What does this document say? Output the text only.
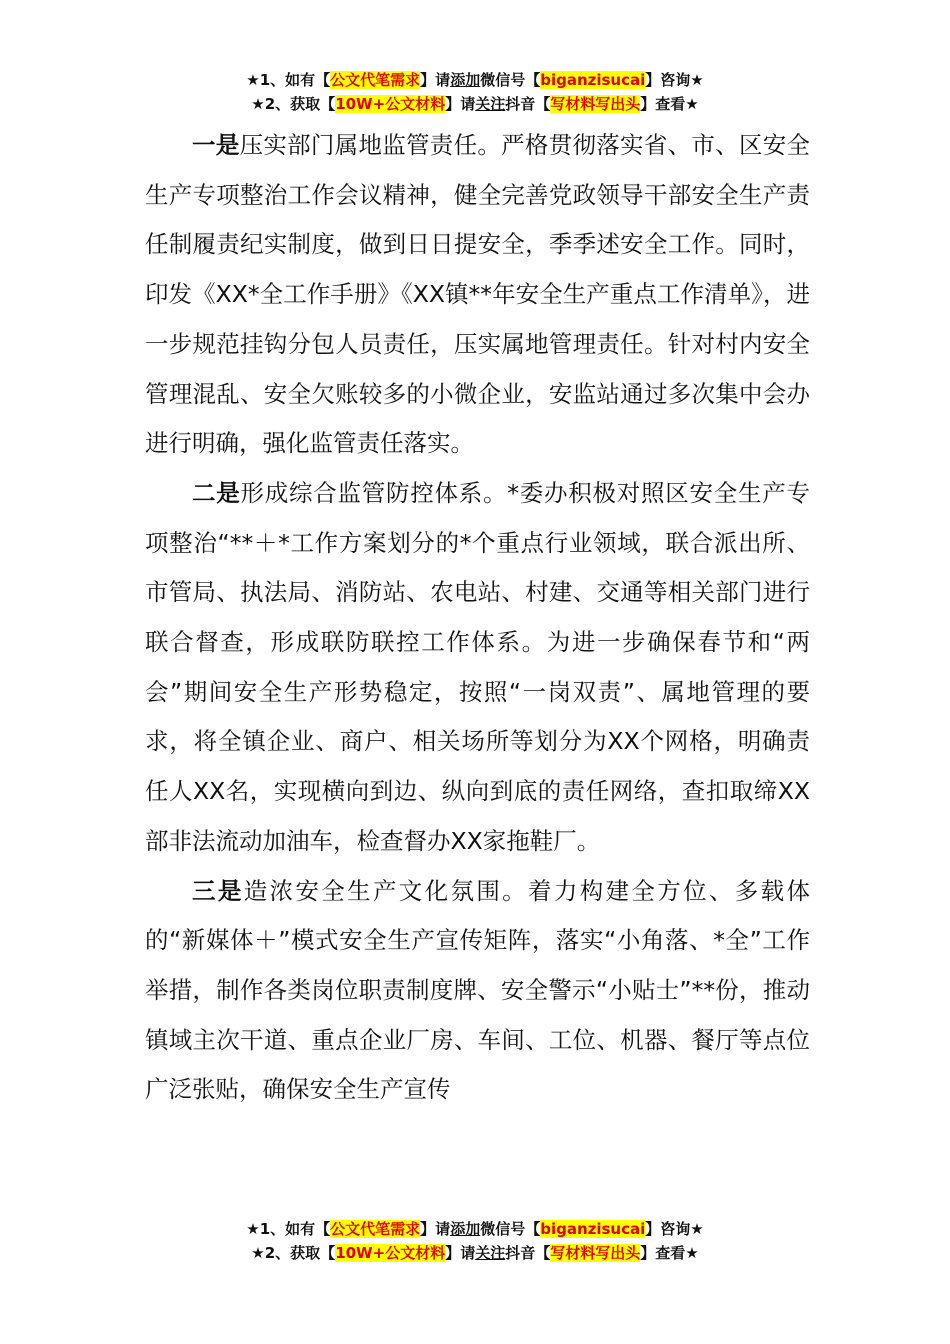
★1、如有【公文代笔需求】请添加微信号【biganzisucai】咨询★
★2、获取【10W+公文材料】请关注抖音【写材料写出头】查看★

一是压实部门属地监管责任。严格贯彻落实省、市、区安全生产专项整治工作会议精神，健全完善党政领导干部安全生产责任制履责纪实制度，做到日日提安全，季季述安全工作。同时，印发《XX*全工作手册》《XX镇**年安全生产重点工作清单》，进一步规范挂钩分包人员责任，压实属地管理责任。针对村内安全管理混乱、安全欠账较多的小微企业，安监站通过多次集中会办进行明确，强化监管责任落实。

二是形成综合监管防控体系。*委办积极对照区安全生产专项整治“**＋*工作方案划分的*个重点行业领域，联合派出所、市管局、执法局、消防站、农电站、村建、交通等相关部门进行联合督查，形成联防联控工作体系。为进一步确保春节和“两会”期间安全生产形势稳定，按照“一岗双责”、属地管理的要求，将全镇企业、商户、相关场所等划分为XX个网格，明确责任人XX名，实现横向到边、纵向到底的责任网络，查扣取缔XX部非法流动加油车，检查督办XX家拖鞋厂。

三是造浓安全生产文化氛围。着力构建全方位、多载体的“新媒体＋”模式安全生产宣传矩阵，落实“小角落、*全”工作举措，制作各类岗位职责制度牌、安全警示“小贴士”**份，推动镇域主次干道、重点企业厂房、车间、工位、机器、餐厅等点位广泛张贴，确保安全生产宣传

★1、如有【公文代笔需求】请添加微信号【biganzisucai】咨询★
★2、获取【10W+公文材料】请关注抖音【写材料写出头】查看★
